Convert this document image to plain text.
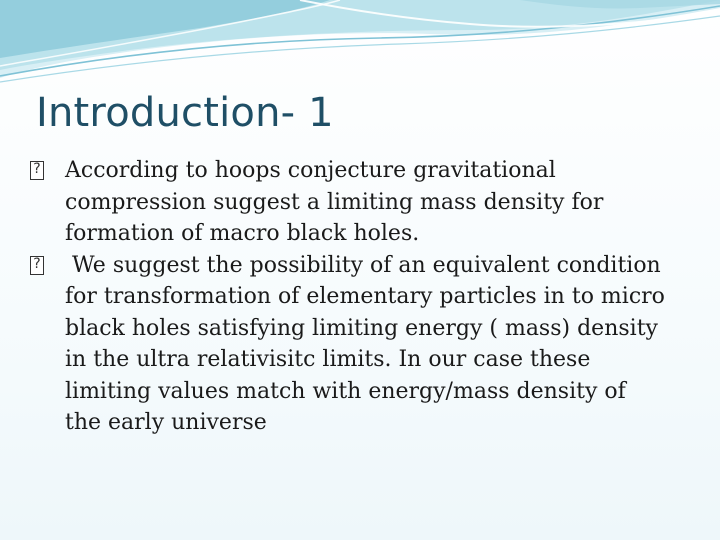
Introduction- 1
?
According to hoops conjecture gravitational
compression suggest a limiting mass density for
formation of macro black holes.
?
We suggest the possibility of an equivalent condition
for transformation of elementary particles in to micro
black holes satisfying limiting energy ( mass) density
in the ultra relativisitc limits. In our case these
limiting values match with energy/mass density of
the early universe
